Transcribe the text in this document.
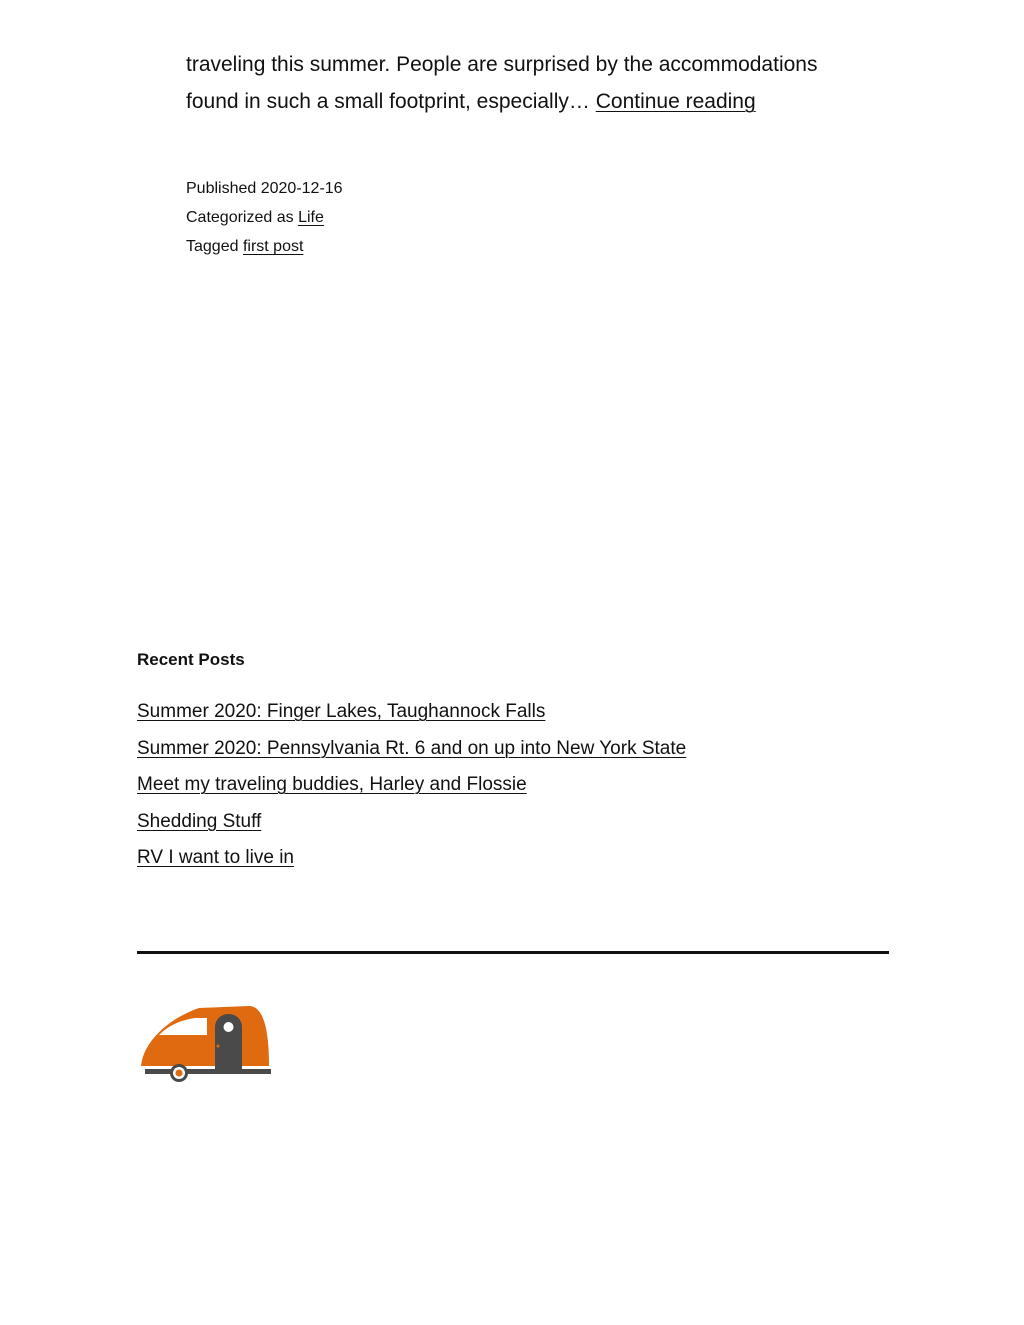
traveling this summer. People are surprised by the accommodations
found in such a small footprint, especially… Continue reading

Published 2020-12-16
Categorized as Life
Tagged first post
Recent Posts
Summer 2020: Finger Lakes, Taughannock Falls
Summer 2020: Pennsylvania Rt. 6 and on up into New York State
Meet my traveling buddies, Harley and Flossie
Shedding Stuff
RV I want to live in
